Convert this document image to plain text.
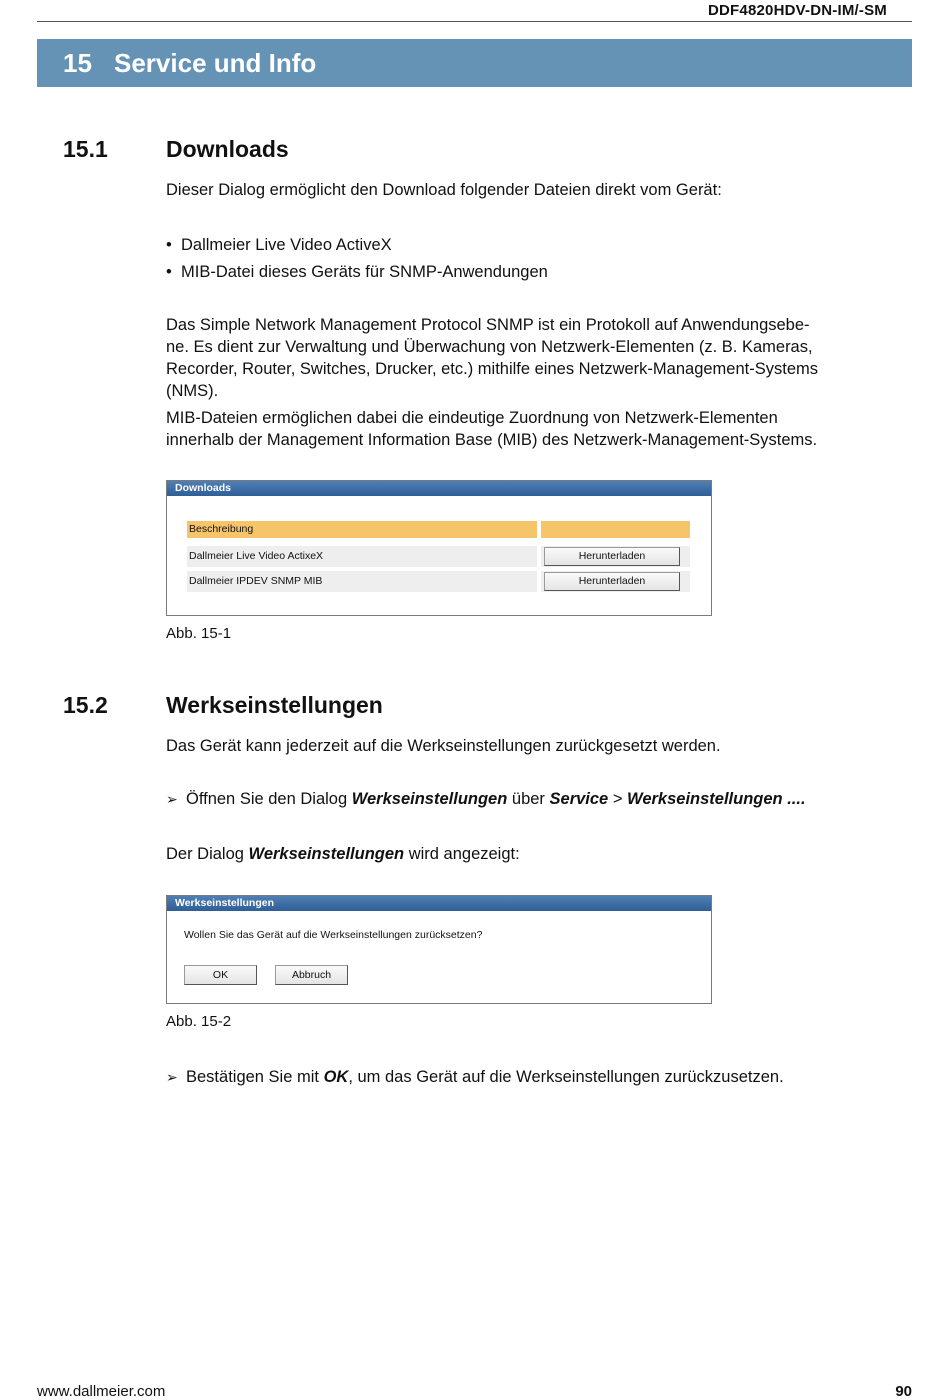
DDF4820HDV-DN-IM/-SM
15 Service und Info
15.1	Downloads

Dieser Dialog ermöglicht den Download folgender Dateien direkt vom Gerät:

• Dallmeier Live Video ActiveX

• MIB-Datei dieses Geräts für SNMP-Anwendungen

Das Simple Network Management Protocol SNMP ist ein Protokoll auf Anwendungsebe-

ne. Es dient zur Verwaltung und Überwachung von Netzwerk-Elementen (z. B. Kameras,

Recorder, Router, Switches, Drucker, etc.) mithilfe eines Netzwerk-Management-Systems

(NMS).

MIB-Dateien ermöglichen dabei die eindeutige Zuordnung von Netzwerk-Elementen

innerhalb der Management Information Base (MIB) des Netzwerk-Management-Systems.

Downloads
Beschreibung
Dallmeier Live Video ActixeX	Herunterladen
Dallmeier IPDEV SNMP MIB	Herunterladen
Abb. 15-1
15.2	Werkseinstellungen

Das Gerät kann jederzeit auf die Werkseinstellungen zurückgesetzt werden.

➢ Öffnen Sie den Dialog Werkseinstellungen über Service > Werkseinstellungen ....

Der Dialog Werkseinstellungen wird angezeigt:

Werkseinstellungen
Wollen Sie das Gerät auf die Werkseinstellungen zurücksetzen?
OK	Abbruch
Abb. 15-2

➢ Bestätigen Sie mit OK, um das Gerät auf die Werkseinstellungen zurückzusetzen.

www.dallmeier.com	90
